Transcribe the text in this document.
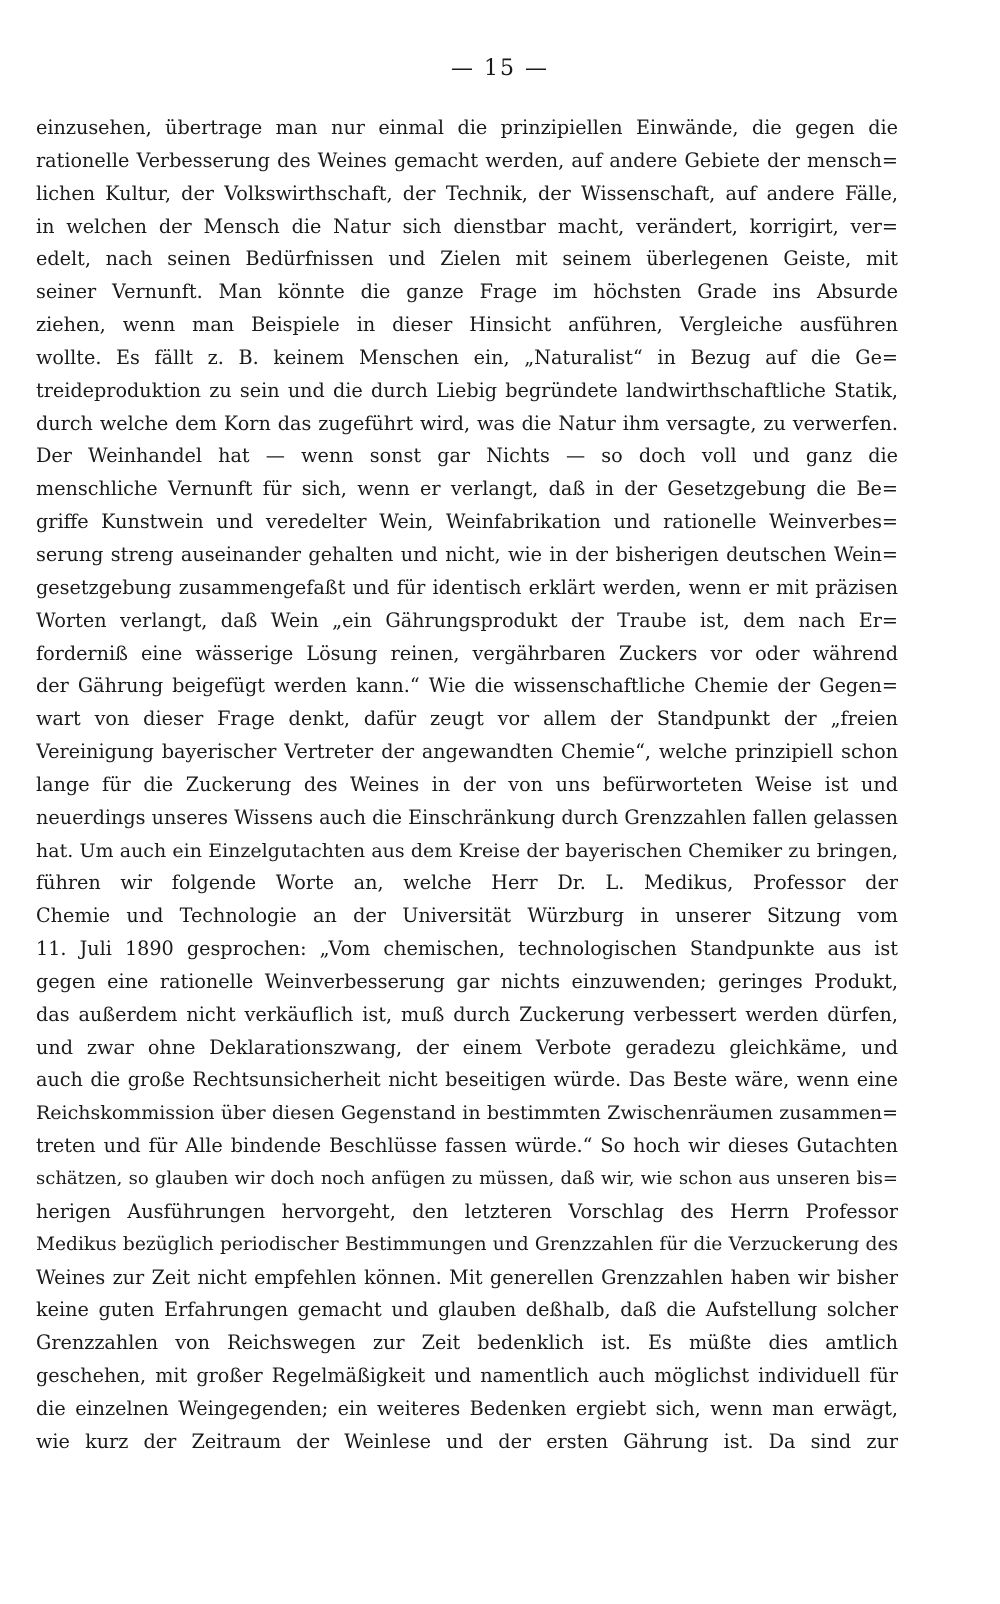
— 15 —
einzusehen, übertrage man nur einmal die prinzipiellen Einwände, die gegen die
rationelle Verbesserung des Weines gemacht werden, auf andere Gebiete der mensch=
lichen Kultur, der Volkswirthschaft, der Technik, der Wissenschaft, auf andere Fälle,
in welchen der Mensch die Natur sich dienstbar macht, verändert, korrigirt, ver=
edelt, nach seinen Bedürfnissen und Zielen mit seinem überlegenen Geiste, mit
seiner Vernunft. Man könnte die ganze Frage im höchsten Grade ins Absurde
ziehen, wenn man Beispiele in dieser Hinsicht anführen, Vergleiche ausführen
wollte. Es fällt z. B. keinem Menschen ein, „Naturalist“ in Bezug auf die Ge=
treideproduktion zu sein und die durch Liebig begründete landwirthschaftliche Statik,
durch welche dem Korn das zugeführt wird, was die Natur ihm versagte, zu verwerfen.
Der Weinhandel hat — wenn sonst gar Nichts — so doch voll und ganz die
menschliche Vernunft für sich, wenn er verlangt, daß in der Gesetzgebung die Be=
griffe Kunstwein und veredelter Wein, Weinfabrikation und rationelle Weinverbes=
serung streng auseinander gehalten und nicht, wie in der bisherigen deutschen Wein=
gesetzgebung zusammengefaßt und für identisch erklärt werden, wenn er mit präzisen
Worten verlangt, daß Wein „ein Gährungsprodukt der Traube ist, dem nach Er=
forderniß eine wässerige Lösung reinen, vergährbaren Zuckers vor oder während
der Gährung beigefügt werden kann.“ Wie die wissenschaftliche Chemie der Gegen=
wart von dieser Frage denkt, dafür zeugt vor allem der Standpunkt der „freien
Vereinigung bayerischer Vertreter der angewandten Chemie“, welche prinzipiell schon
lange für die Zuckerung des Weines in der von uns befürworteten Weise ist und
neuerdings unseres Wissens auch die Einschränkung durch Grenzzahlen fallen gelassen
hat. Um auch ein Einzelgutachten aus dem Kreise der bayerischen Chemiker zu bringen,
führen wir folgende Worte an, welche Herr Dr. L. Medikus, Professor der
Chemie und Technologie an der Universität Würzburg in unserer Sitzung vom
11. Juli 1890 gesprochen: „Vom chemischen, technologischen Standpunkte aus ist
gegen eine rationelle Weinverbesserung gar nichts einzuwenden; geringes Produkt,
das außerdem nicht verkäuflich ist, muß durch Zuckerung verbessert werden dürfen,
und zwar ohne Deklarationszwang, der einem Verbote geradezu gleichkäme, und
auch die große Rechtsunsicherheit nicht beseitigen würde. Das Beste wäre, wenn eine
Reichskommission über diesen Gegenstand in bestimmten Zwischenräumen zusammen=
treten und für Alle bindende Beschlüsse fassen würde.“ So hoch wir dieses Gutachten
schätzen, so glauben wir doch noch anfügen zu müssen, daß wir, wie schon aus unseren bis=
herigen Ausführungen hervorgeht, den letzteren Vorschlag des Herrn Professor
Medikus bezüglich periodischer Bestimmungen und Grenzzahlen für die Verzuckerung des
Weines zur Zeit nicht empfehlen können. Mit generellen Grenzzahlen haben wir bisher
keine guten Erfahrungen gemacht und glauben deßhalb, daß die Aufstellung solcher
Grenzzahlen von Reichswegen zur Zeit bedenklich ist. Es müßte dies amtlich
geschehen, mit großer Regelmäßigkeit und namentlich auch möglichst individuell für
die einzelnen Weingegenden; ein weiteres Bedenken ergiebt sich, wenn man erwägt,
wie kurz der Zeitraum der Weinlese und der ersten Gährung ist. Da sind zur
